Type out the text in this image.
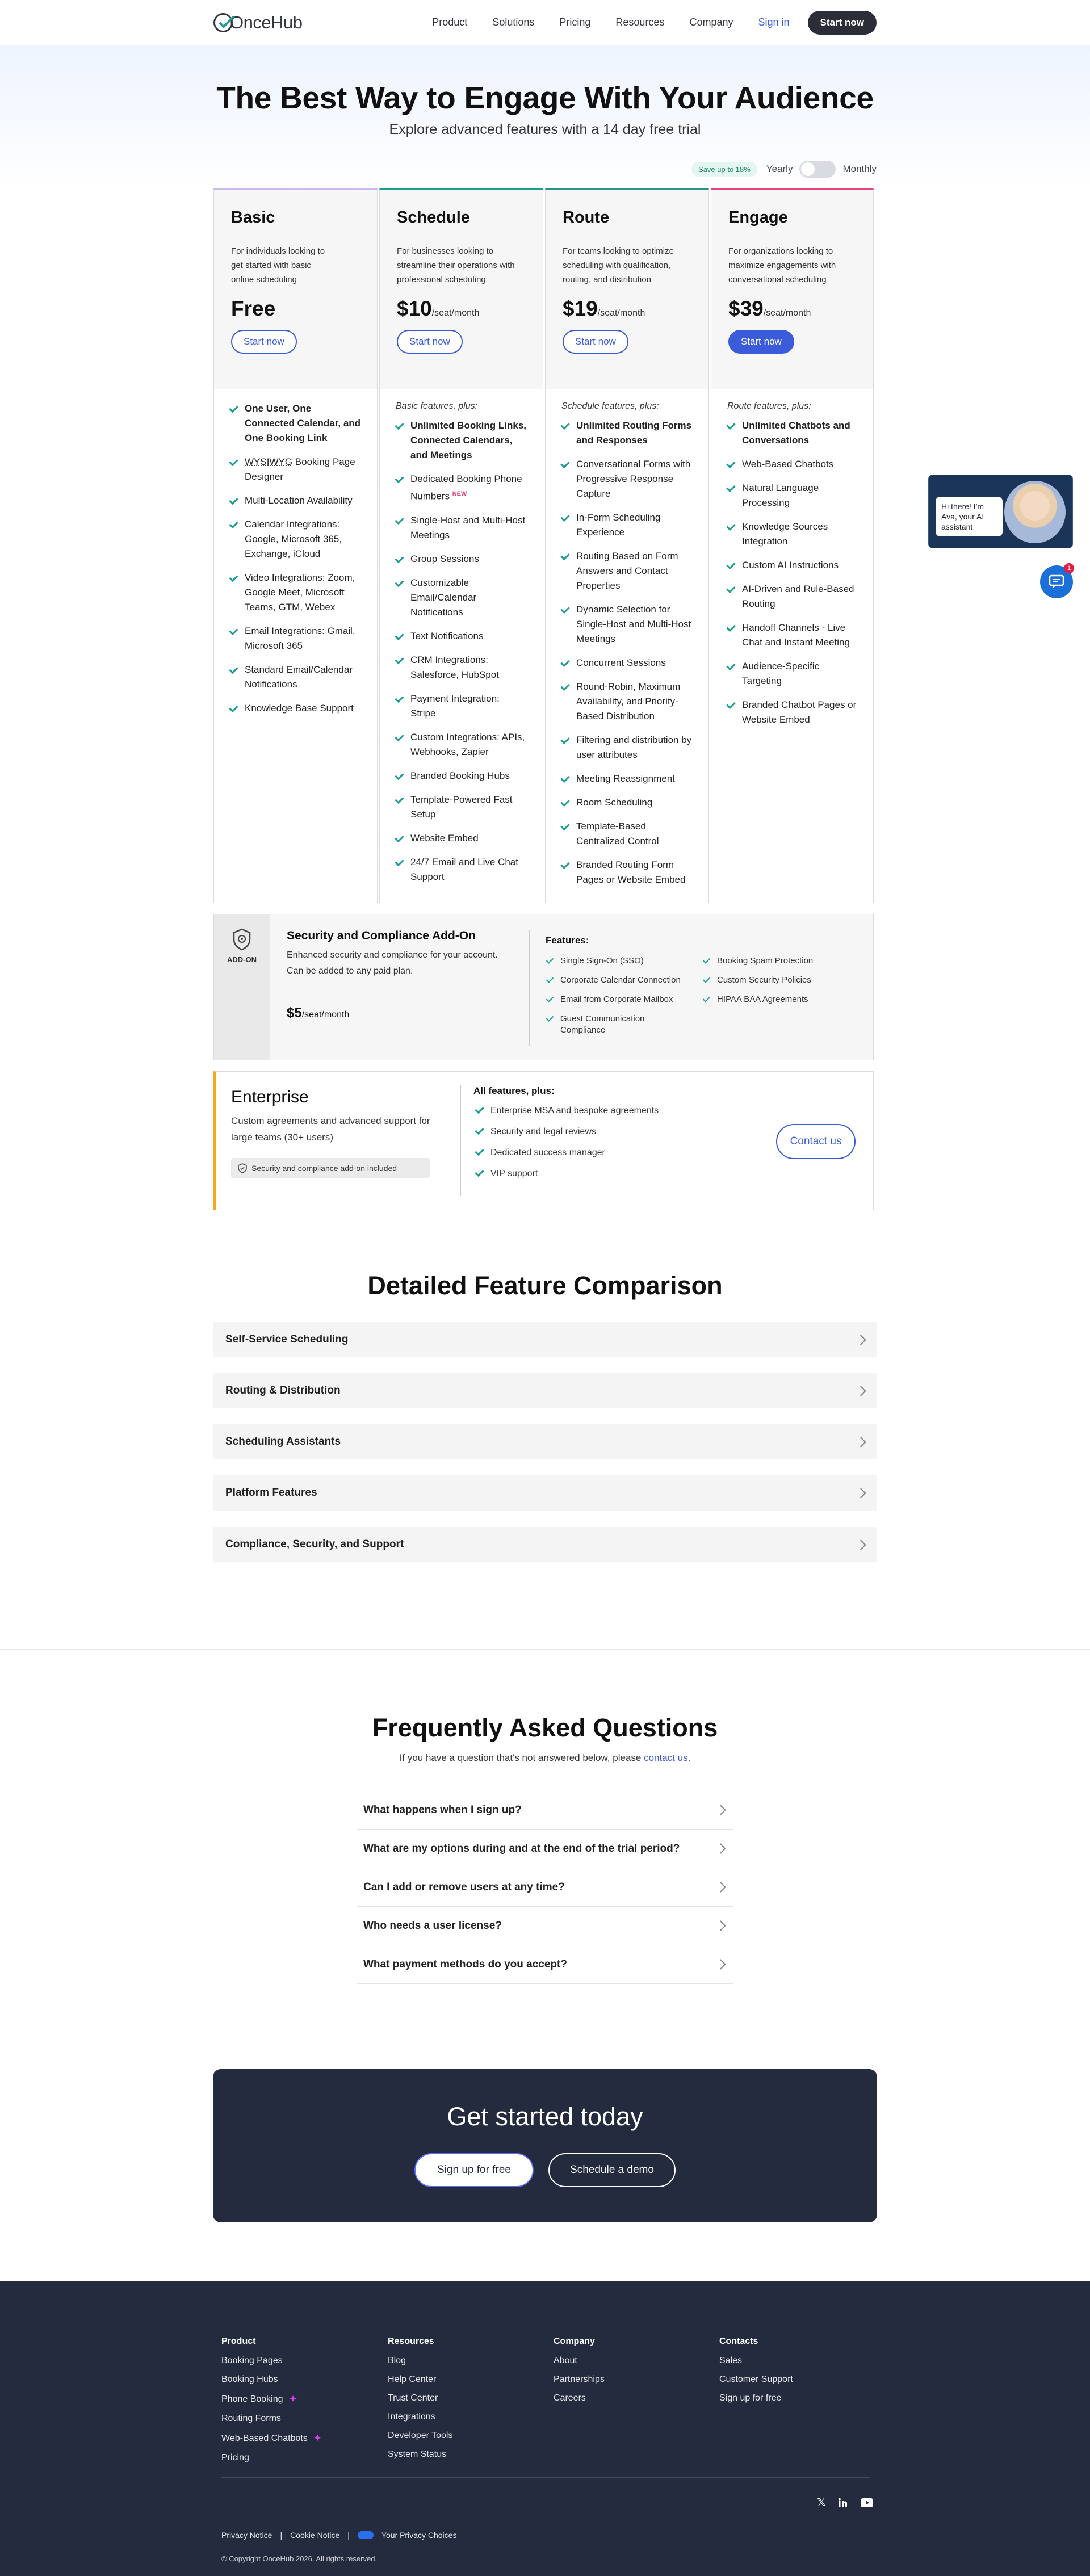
OnceHub	Product Solutions Pricing Resources Company Sign in	Start now
The Best Way to Engage With Your Audience

Explore advanced features with a 14 day free trial

Save up to 18%	Yearly	Monthly
Basic

For individuals looking to get started with basic online scheduling

Free
Start now
One User, One Connected Calendar, and One Booking Link
WYSIWYG Booking Page Designer
Multi-Location Availability
Calendar Integrations: Google, Microsoft 365, Exchange, iCloud
Video Integrations: Zoom, Google Meet, Microsoft Teams, GTM, Webex
Email Integrations: Gmail, Microsoft 365
Standard Email/Calendar Notifications
Knowledge Base Support
Schedule

For businesses looking to streamline their operations with professional scheduling

$10/seat/month
Start now

Basic features, plus:

Unlimited Booking Links, Connected Calendars, and Meetings
Dedicated Booking Phone Numbers $^{NEW}$
Single-Host and Multi-Host Meetings
Group Sessions
Customizable Email/Calendar Notifications
Text Notifications
CRM Integrations: Salesforce, HubSpot
Payment Integration: Stripe
Custom Integrations: APIs, Webhooks, Zapier
Branded Booking Hubs
Template-Powered Fast Setup
Website Embed
24/7 Email and Live Chat Support
Route

For teams looking to optimize scheduling with qualification, routing, and distribution

$19/seat/month
Start now

Schedule features, plus:

Unlimited Routing Forms and Responses
Conversational Forms with Progressive Response Capture
In-Form Scheduling Experience
Routing Based on Form Answers and Contact Properties
Dynamic Selection for Single-Host and Multi-Host Meetings
Concurrent Sessions
Round-Robin, Maximum Availability, and Priority-Based Distribution
Filtering and distribution by user attributes
Meeting Reassignment
Room Scheduling
Template-Based Centralized Control
Branded Routing Form Pages or Website Embed
Engage

For organizations looking to maximize engagements with conversational scheduling

$39/seat/month
Start now

Route features, plus:

Unlimited Chatbots and Conversations
Web-Based Chatbots
Natural Language Processing
Knowledge Sources Integration
Custom AI Instructions
AI-Driven and Rule-Based Routing
Handoff Channels - Live Chat and Instant Meeting
Audience-Specific Targeting
Branded Chatbot Pages or Website Embed
ADD-ON
Security and Compliance Add-On

Enhanced security and compliance for your account. Can be added to any paid plan.

$5/seat/month
Features:
Single Sign-On (SSO)	Booking Spam Protection
Corporate Calendar Connection	Custom Security Policies
Email from Corporate Mailbox	HIPAA BAA Agreements
Guest Communication Compliance
Enterprise

Custom agreements and advanced support for large teams (30+ users)

Security and compliance add-on included
All features, plus:
Enterprise MSA and bespoke agreements
Security and legal reviews
Dedicated success manager
VIP support
Contact us
Detailed Feature Comparison
Self-Service Scheduling
Routing & Distribution
Scheduling Assistants
Platform Features
Compliance, Security, and Support
Frequently Asked Questions

If you have a question that's not answered below, please contact us.

What happens when I sign up?
What are my options during and at the end of the trial period?
Can I add or remove users at any time?
Who needs a user license?
What payment methods do you accept?
Get started today
Sign up for free	Schedule a demo
Product
Booking Pages
Booking Hubs
Phone Booking ✦
Routing Forms
Web-Based Chatbots ✦
Pricing
Resources
Blog
Help Center
Trust Center
Integrations
Developer Tools
System Status
Company
About
Partnerships
Careers
Contacts
Sales
Customer Support
Sign up for free
𝕏
Privacy Notice | Cookie Notice |	Your Privacy Choices
© Copyright OnceHub 2026. All rights reserved.
Hi there! I'm Ava, your AI assistant
1
